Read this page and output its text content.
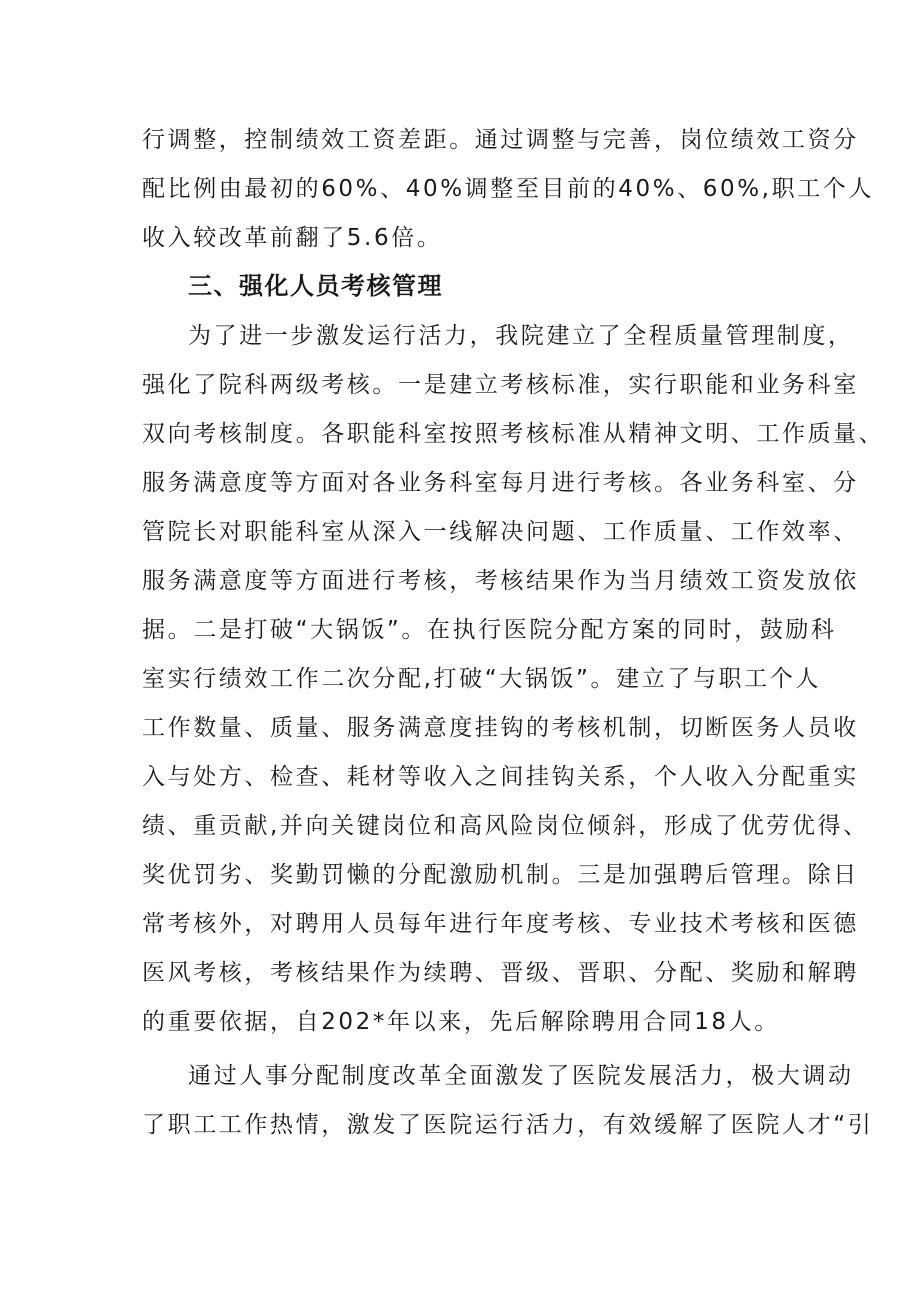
行调整，控制绩效工资差距。通过调整与完善，岗位绩效工资分
配比例由最初的60%、40%调整至目前的40%、60%,职工个人
收入较改革前翻了5.6倍。
三、强化人员考核管理
为了进一步激发运行活力，我院建立了全程质量管理制度，
强化了院科两级考核。一是建立考核标准，实行职能和业务科室
双向考核制度。各职能科室按照考核标准从精神文明、工作质量、
服务满意度等方面对各业务科室每月进行考核。各业务科室、分
管院长对职能科室从深入一线解决问题、工作质量、工作效率、
服务满意度等方面进行考核，考核结果作为当月绩效工资发放依
据。二是打破“大锅饭”。在执行医院分配方案的同时，鼓励科
室实行绩效工作二次分配,打破“大锅饭”。建立了与职工个人
工作数量、质量、服务满意度挂钩的考核机制，切断医务人员收
入与处方、检查、耗材等收入之间挂钩关系，个人收入分配重实
绩、重贡献,并向关键岗位和高风险岗位倾斜，形成了优劳优得、
奖优罚劣、奖勤罚懒的分配激励机制。三是加强聘后管理。除日
常考核外，对聘用人员每年进行年度考核、专业技术考核和医德
医风考核，考核结果作为续聘、晋级、晋职、分配、奖励和解聘
的重要依据，自202*年以来，先后解除聘用合同18人。
通过人事分配制度改革全面激发了医院发展活力，极大调动
了职工工作热情，激发了医院运行活力，有效缓解了医院人才“引
